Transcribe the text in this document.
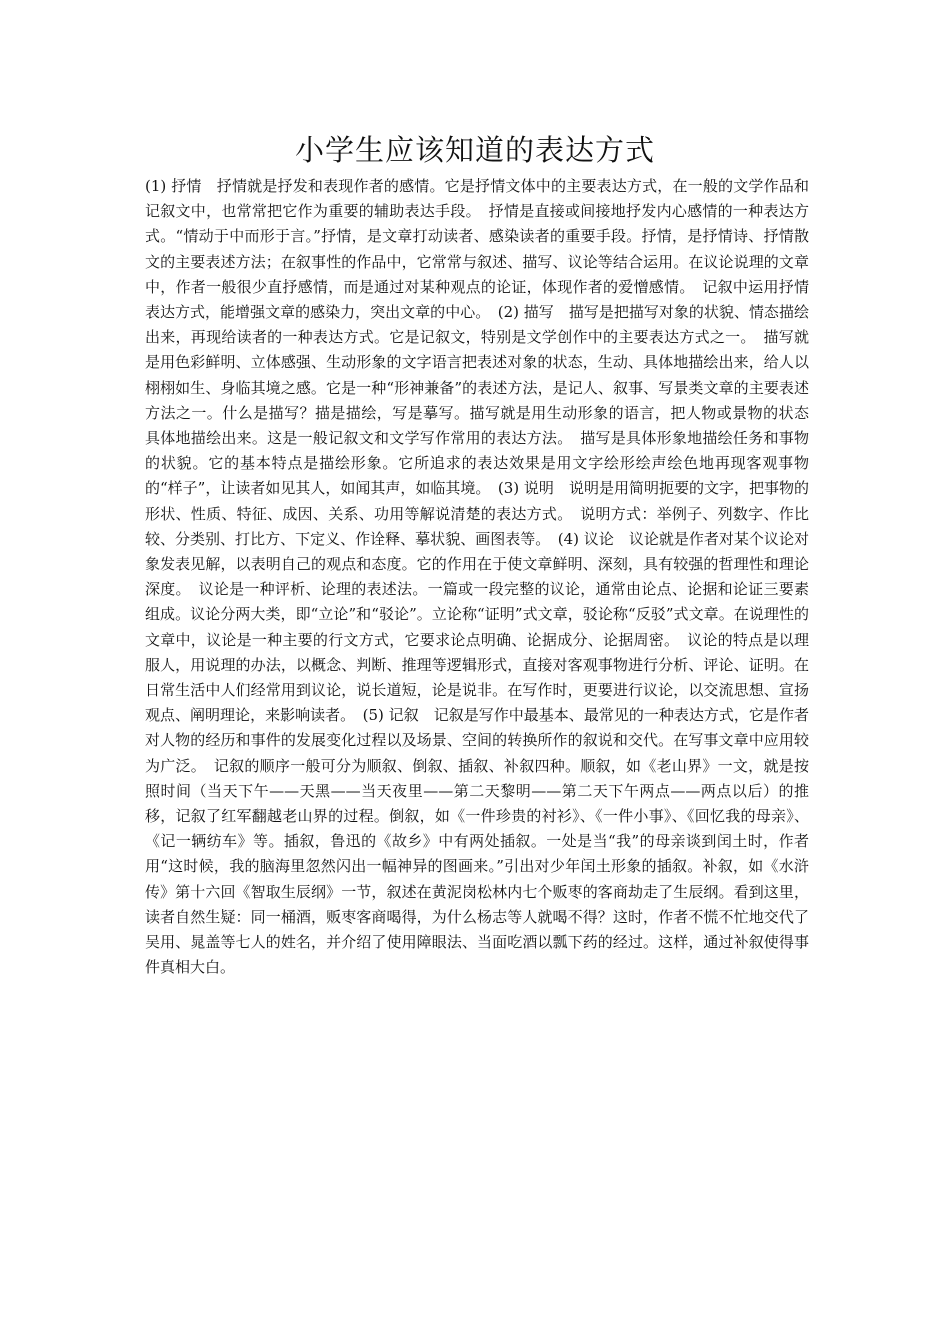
小学生应该知道的表达方式

(1) 抒情　 抒情就是抒发和表现作者的感情。它是抒情文体中的主要表达方式，在一般的文学作品和记叙文中，也常常把它作为重要的辅助表达手段。　 抒情是直接或间接地抒发内心感情的一种表达方式。“情动于中而形于言。”抒情，是文章打动读者、感染读者的重要手段。抒情，是抒情诗、抒情散文的主要表述方法；在叙事性的作品中，它常常与叙述、描写、议论等结合运用。在议论说理的文章中，作者一般很少直抒感情，而是通过对某种观点的论证，体现作者的爱憎感情。　 记叙中运用抒情表达方式，能增强文章的感染力，突出文章的中心。　 (2) 描写　 描写是把描写对象的状貌、情态描绘出来，再现给读者的一种表达方式。它是记叙文，特别是文学创作中的主要表达方式之一。　 描写就是用色彩鲜明、立体感强、生动形象的文字语言把表述对象的状态，生动、具体地描绘出来，给人以栩栩如生、身临其境之感。它是一种“形神兼备”的表述方法，是记人、叙事、写景类文章的主要表述方法之一。什么是描写？描是描绘，写是摹写。描写就是用生动形象的语言，把人物或景物的状态 具体地描绘出来。这是一般记叙文和文学写作常用的表达方法。　 描写是具体形象地描绘任务和事物的状貌。它的基本特点是描绘形象。它所追求的表达效果是用文字绘形绘声绘色地再现客观事物的“样子”，让读者如见其人，如闻其声，如临其境。　 (3) 说明　 说明是用简明扼要的文字，把事物的形状、性质、特征、成因、关系、功用等解说清楚的表达方式。　 说明方式：举例子、列数字、作比较、分类别、打比方、下定义、作诠释、摹状貌、画图表等。　 (4) 议论　 议论就是作者对某个议论对象发表见解，以表明自己的观点和态度。它的作用在于使文章鲜明、深刻，具有较强的哲理性和理论深度。　 议论是一种评析、论理的表述法。一篇或一段完整的议论，通常由论点、论据和论证三要素组成。议论分两大类，即“立论”和“驳论”。立论称“证明”式文章，驳论称“反驳”式文章。在说理性的文章中，议论是一种主要的行文方式，它要求论点明确、论据成分、论据周密。　 议论的特点是以理服人，用说理的办法，以概念、判断、推理等逻辑形式，直接对客观事物进行分析、评论、证明。在日常生活中人们经常用到议论，说长道短，论是说非。在写作时，更要进行议论，以交流思想、宣扬观点、阐明理论，来影响读者。　 (5) 记叙　 记叙是写作中最基本、最常见的一种表达方式，它是作者对人物的经历和事件的发展变化过程以及场景、空间的转换所作的叙说和交代。在写事文章中应用较为广泛。　 记叙的顺序一般可分为顺叙、倒叙、插叙、补叙四种。顺叙，如《老山界》一文，就是按照时间（当天下午——天黑——当天夜里——第二天黎明——第二天下午两点——两点以后）的推移，记叙了红军翻越老山界的过程。倒叙，如《一件珍贵的衬衫》、《一件小事》、《回忆我的母亲》、《记一辆纺车》等。插叙，鲁迅的《故乡》中有两处插叙。一处是当“我”的母亲谈到闰土时，作者用“这时候，我的脑海里忽然闪出一幅神异的图画来。”引出对少年闰土形象的插叙。补叙，如《水浒传》第十六回《智取生辰纲》一节，叙述在黄泥岗松林内七个贩枣的客商劫走了生辰纲。看到这里，读者自然生疑：同一桶酒，贩枣客商喝得，为什么杨志等人就喝不得？这时，作者不慌不忙地交代了吴用、晁盖等七人的姓名，并介绍了使用障眼法、当面吃酒以瓢下药的经过。这样，通过补叙使得事件真相大白。
